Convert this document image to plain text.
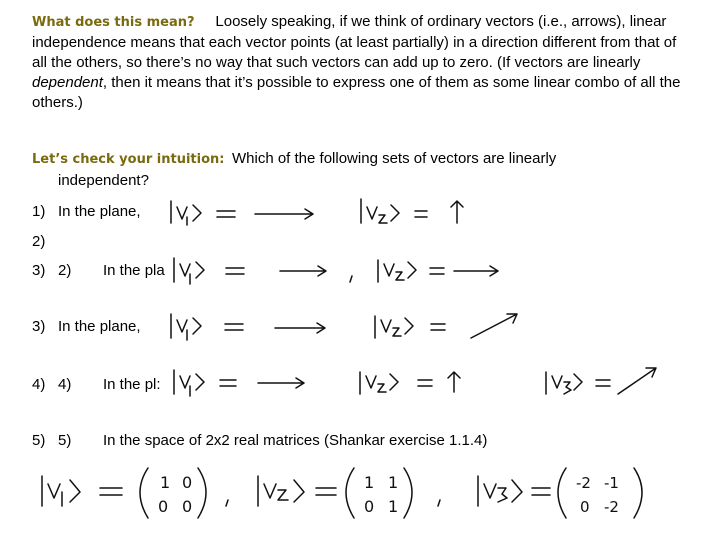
What does this mean? Loosely speaking, if we think of ordinary vectors (i.e., arrows), linear independence means that each vector points (at least partially) in a direction different from that of all the others, so there’s no way that such vectors can add up to zero. (If vectors are linearly dependent, then it means that it’s possible to express one of them as some linear combo of all the others.)
Let’s check your intuition: Which of the following sets of vectors are linearly
independent?
1) In the plane,
2)
3) 2) In the pla
3) In the plane,
4) 4) In the pl:
5) 5) In the space of 2x2 real matrices (Shankar exercise 1.1.4)
1 0
0 0
1 1
0 1
-2 -1
0 -2
